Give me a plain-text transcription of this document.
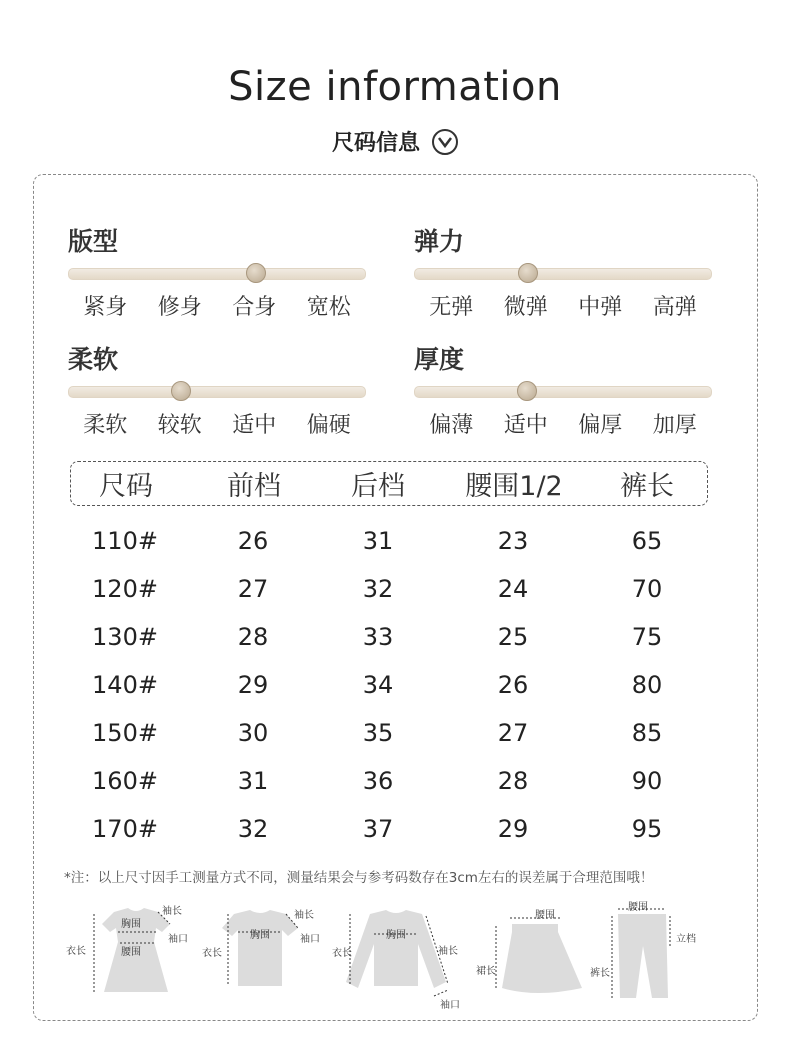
Size information
尺码信息
版型
紧身	修身	合身	宽松
弹力
无弹	微弹	中弹	高弹
柔软
柔软	较软	适中	偏硬
厚度
偏薄	适中	偏厚	加厚
尺码	前档	后档	腰围1/2	裤长
110#	26	31	23	65
120#	27	32	24	70
130#	28	33	25	75
140#	29	34	26	80
150#	30	35	27	85
160#	31	36	28	90
170#	32	37	29	95
*注：以上尺寸因手工测量方式不同，测量结果会与参考码数存在3cm左右的误差属于合理范围哦！
胸围
袖长
袖口
衣长	腰围
胸围
袖长
袖口
衣长
胸围
衣长	袖长
袖口
腰围
裙长
腰围
立档
裤长
